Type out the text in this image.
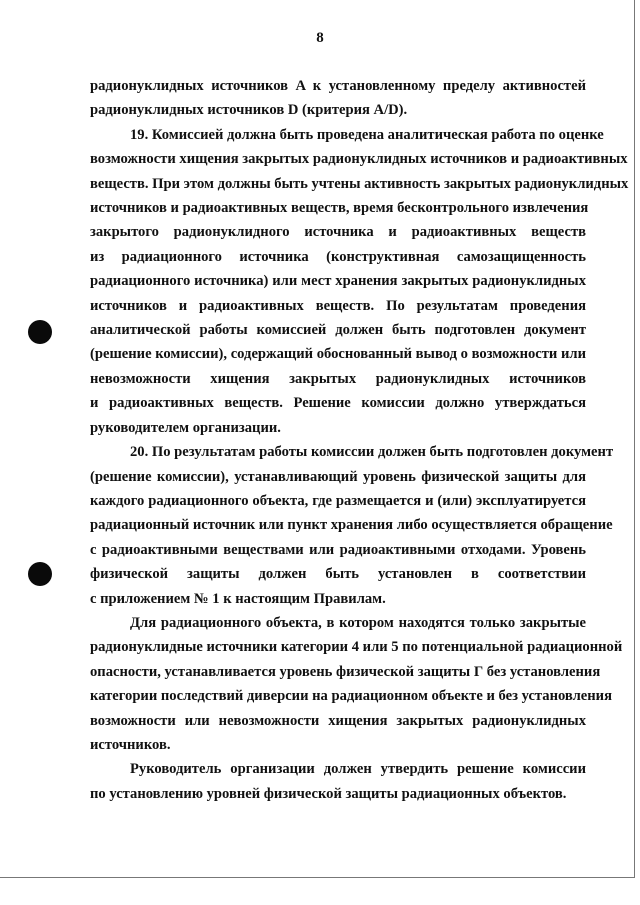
8
радионуклидных источников A к установленному пределу активностей
радионуклидных источников D (критерия A/D).
19. Комиссией должна быть проведена аналитическая работа по оценке
возможности хищения закрытых радионуклидных источников и радиоактивных
веществ. При этом должны быть учтены активность закрытых радионуклидных
источников и радиоактивных веществ, время бесконтрольного извлечения
закрытого радионуклидного источника и радиоактивных веществ
из радиационного источника (конструктивная самозащищенность
радиационного источника) или мест хранения закрытых радионуклидных
источников и радиоактивных веществ. По результатам проведения
аналитической работы комиссией должен быть подготовлен документ
(решение комиссии), содержащий обоснованный вывод о возможности или
невозможности хищения закрытых радионуклидных источников
и радиоактивных веществ. Решение комиссии должно утверждаться
руководителем организации.
20. По результатам работы комиссии должен быть подготовлен документ
(решение комиссии), устанавливающий уровень физической защиты для
каждого радиационного объекта, где размещается и (или) эксплуатируется
радиационный источник или пункт хранения либо осуществляется обращение
с радиоактивными веществами или радиоактивными отходами. Уровень
физической защиты должен быть установлен в соответствии
с приложением № 1 к настоящим Правилам.
Для радиационного объекта, в котором находятся только закрытые
радионуклидные источники категории 4 или 5 по потенциальной радиационной
опасности, устанавливается уровень физической защиты Г без установления
категории последствий диверсии на радиационном объекте и без установления
возможности или невозможности хищения закрытых радионуклидных
источников.
Руководитель организации должен утвердить решение комиссии
по установлению уровней физической защиты радиационных объектов.
